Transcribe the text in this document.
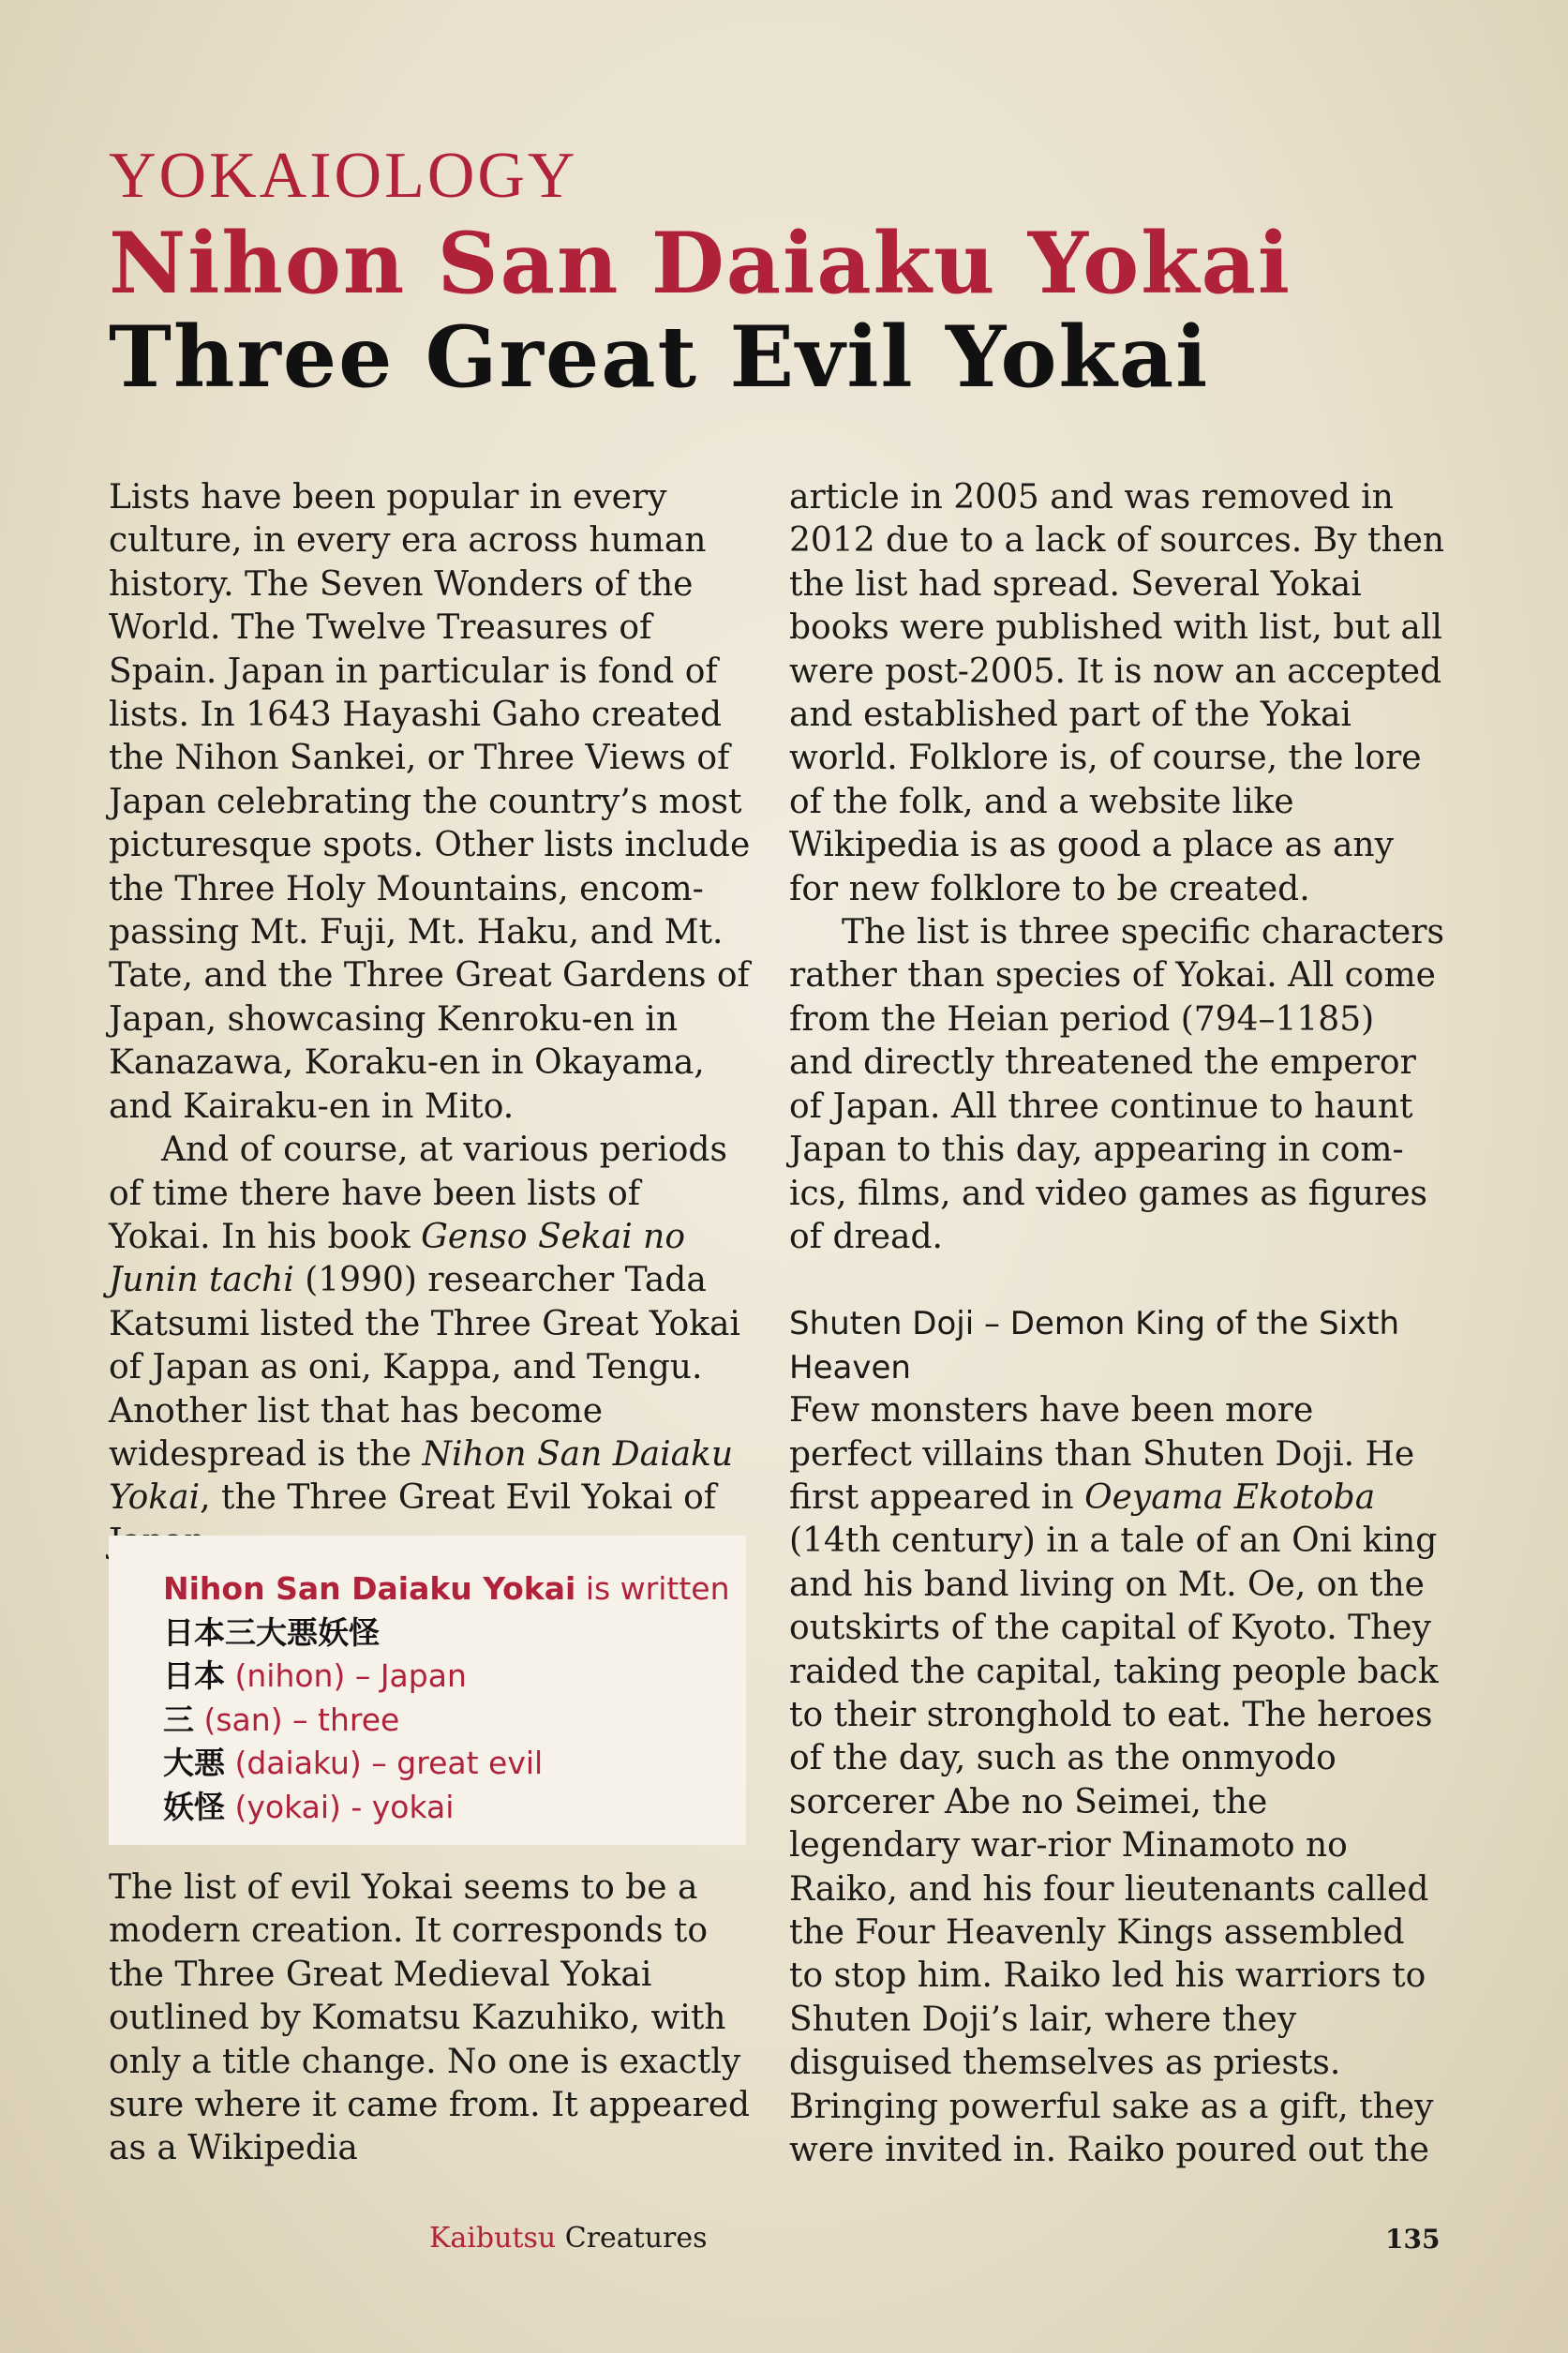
YOKAIOLOGY
Nihon San Daiaku Yokai
Three Great Evil Yokai

Lists have been popular in every culture, in every era across human history. The Seven Wonders of the World. The Twelve Treasures of Spain. Japan in particular is fond of lists. In 1643 Hayashi Gaho created the Nihon Sankei, or Three Views of Japan celebrating the country’s most picturesque spots. Other lists include the Three Holy Mountains, encom-passing Mt. Fuji, Mt. Haku, and Mt. Tate, and the Three Great Gardens of Japan, showcasing Kenroku-en in Kanazawa, Koraku-en in Okayama, and Kairaku-en in Mito.

And of course, at various periods of time there have been lists of Yokai. In his book Genso Sekai no Junin tachi (1990) researcher Tada Katsumi listed the Three Great Yokai of Japan as oni, Kappa, and Tengu. Another list that has become widespread is the Nihon San Daiaku Yokai, the Three Great Evil Yokai of

Nihon San Daiaku Yokai is written
日本三大悪妖怪
日本 (nihon) – Japan
三 (san) – three
大悪 (daiaku) – great evil
妖怪 (yokai) - yokai

The list of evil Yokai seems to be a modern creation. It corresponds to the Three Great Medieval Yokai outlined by Komatsu Kazuhiko, with only a title change. No one is exactly sure where it came from. It appeared as a Wikipedia

article in 2005 and was removed in 2012 due to a lack of sources. By then the list had spread. Several Yokai books were published with list, but all were post-2005. It is now an accepted and established part of the Yokai world. Folklore is, of course, the lore of the folk, and a website like Wikipedia is as good a place as any for new folklore to be created.

The list is three specific characters rather than species of Yokai. All come from the Heian period (794–1185) and directly threatened the emperor of Japan. All three continue to haunt Japan to this day, appearing in com-ics, films, and video games as figures of dread.

Shuten Doji – Demon King of the Sixth Heaven

Few monsters have been more perfect villains than Shuten Doji. He first appeared in Oeyama Ekotoba (14th century) in a tale of an Oni king and his band living on Mt. Oe, on the outskirts of the capital of Kyoto. They raided the capital, taking people back to their stronghold to eat. The heroes of the day, such as the onmyodo sorcerer Abe no Seimei, the legendary war-rior Minamoto no Raiko, and his four lieutenants called the Four Heavenly Kings assembled to stop him. Raiko led his warriors to Shuten Doji’s lair, where they disguised themselves as priests. Bringing powerful sake as a gift, they were invited in. Raiko poured out the

Kaibutsu Creatures	135
